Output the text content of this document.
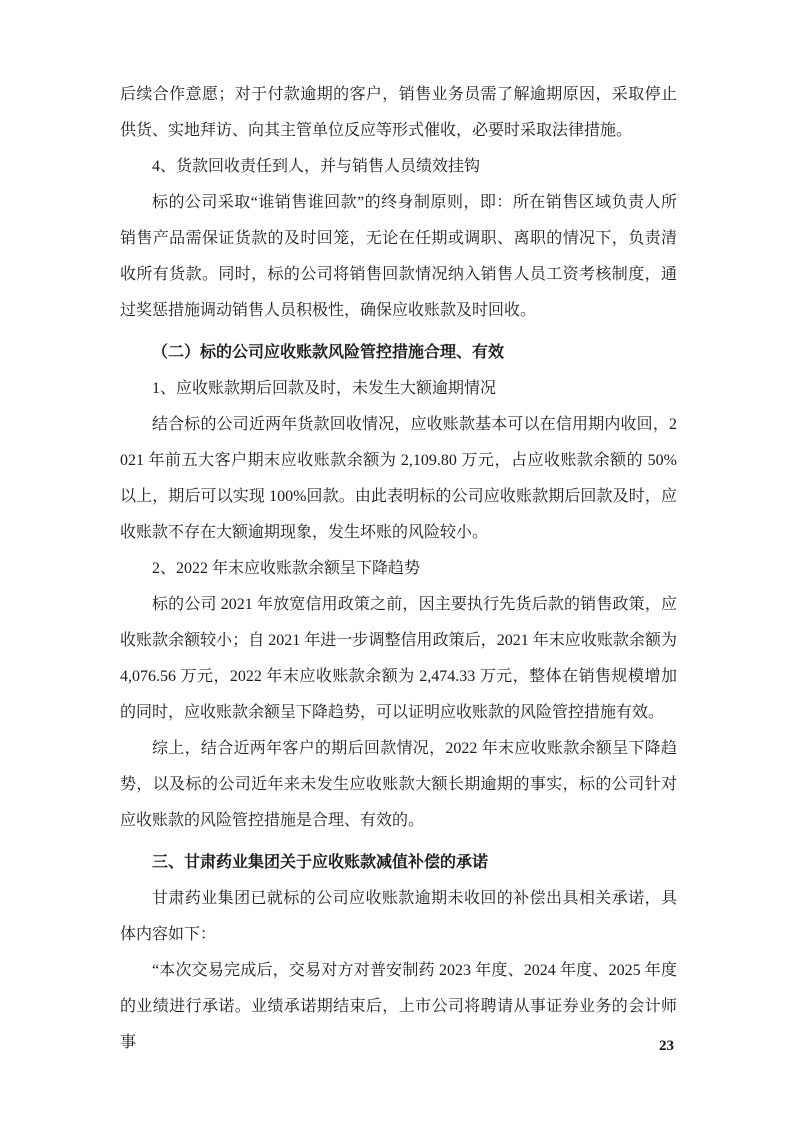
后续合作意愿；对于付款逾期的客户，销售业务员需了解逾期原因，采取停止供货、实地拜访、向其主管单位反应等形式催收，必要时采取法律措施。

4、货款回收责任到人，并与销售人员绩效挂钩

标的公司采取“谁销售谁回款”的终身制原则，即：所在销售区域负责人所销售产品需保证货款的及时回笼，无论在任期或调职、离职的情况下，负责清收所有货款。同时，标的公司将销售回款情况纳入销售人员工资考核制度，通过奖惩措施调动销售人员积极性，确保应收账款及时回收。

（二）标的公司应收账款风险管控措施合理、有效

1、应收账款期后回款及时，未发生大额逾期情况

结合标的公司近两年货款回收情况，应收账款基本可以在信用期内收回，2021 年前五大客户期末应收账款余额为 2,109.80 万元，占应收账款余额的 50%以上，期后可以实现 100%回款。由此表明标的公司应收账款期后回款及时，应收账款不存在大额逾期现象，发生坏账的风险较小。

2、2022 年末应收账款余额呈下降趋势

标的公司 2021 年放宽信用政策之前，因主要执行先货后款的销售政策，应收账款余额较小；自 2021 年进一步调整信用政策后，2021 年末应收账款余额为 4,076.56 万元，2022 年末应收账款余额为 2,474.33 万元，整体在销售规模增加的同时，应收账款余额呈下降趋势，可以证明应收账款的风险管控措施有效。

综上，结合近两年客户的期后回款情况，2022 年末应收账款余额呈下降趋势，以及标的公司近年来未发生应收账款大额长期逾期的事实，标的公司针对应收账款的风险管控措施是合理、有效的。

三、甘肃药业集团关于应收账款减值补偿的承诺

甘肃药业集团已就标的公司应收账款逾期未收回的补偿出具相关承诺，具体内容如下：

“本次交易完成后，交易对方对普安制药 2023 年度、2024 年度、2025 年度的业绩进行承诺。业绩承诺期结束后，上市公司将聘请从事证券业务的会计师事	23
